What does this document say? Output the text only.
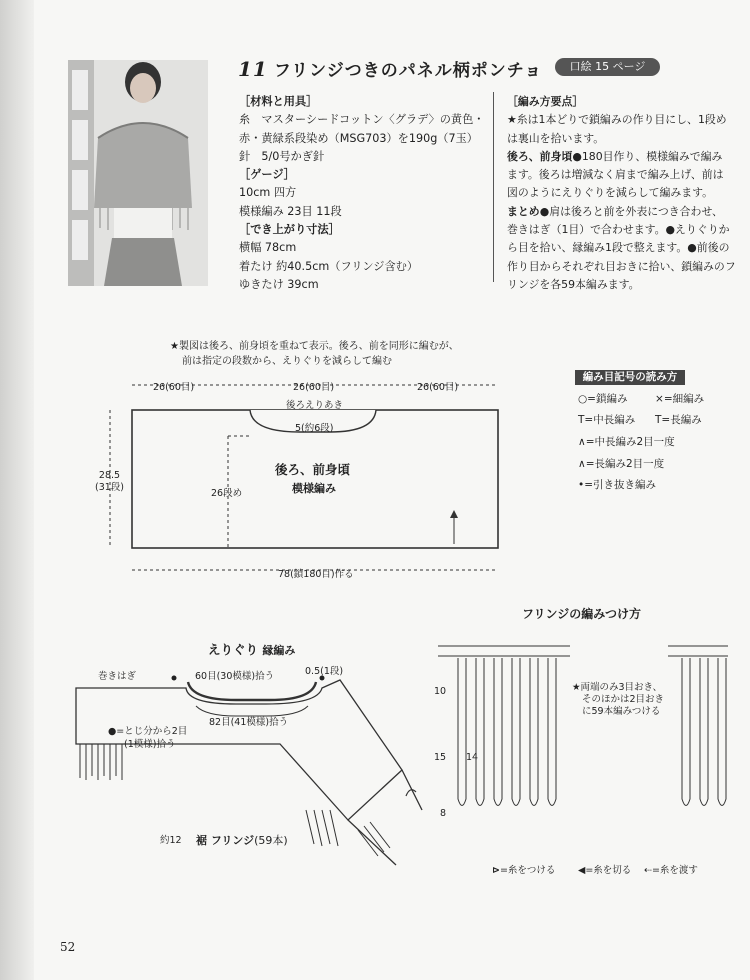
11 フリンジつきのパネル柄ポンチョ	口絵 15 ページ
［材料と用具］
糸　マスターシードコットン〈グラデ〉の黄色・
赤・黄緑系段染め（MSG703）を190g（7玉）
針　5/0号かぎ針
［ゲージ］
10cm 四方
模様編み 23目 11段
［でき上がり寸法］
横幅 78cm
着たけ 約40.5cm（フリンジ含む）
ゆきたけ 39cm
［編み方要点］
★糸は1本どりで鎖編みの作り目にし、1段め
は裏山を拾います。
後ろ、前身頃●180目作り、模様編みで編み
ます。後ろは増減なく肩まで編み上げ、前は
図のようにえりぐりを減らして編みます。
まとめ●肩は後ろと前を外表につき合わせ、
巻きはぎ（1目）で合わせます。●えりぐりか
ら目を拾い、縁編み1段で整えます。●前後の
作り目からそれぞれ目おきに拾い、鎖編みのフ
リンジを各59本編みます。
★製図は後ろ、前身頃を重ねて表示。後ろ、前を同形に編むが、
前は指定の段数から、えりぐりを減らして編む
26(60目)	26(60目)	26(60目)
後ろえりあき
5(約6段)
28.5
(31段)
26段め
後ろ、前身頃
模様編み
78(鎖180目)作る
編み目記号の読み方
○=鎖編み	×=細編み
T=中長編み T=長編み
∧=中長編み2目一度
∧=長編み2目一度
•=引き抜き編み
えりぐり 縁編み
巻きはぎ	60目(30模様)拾う	0.5(1段)
82目(41模様)拾う
●=とじ分から2目
(1模様)拾う
約12 裾 フリンジ(59本)
フリンジの編みつけ方
10
15 14
8
★両端のみ3目おき、
そのほかは2目おき
に59本編みつける
⊳=糸をつける ◀=糸を切る ⇠=糸を渡す
52
